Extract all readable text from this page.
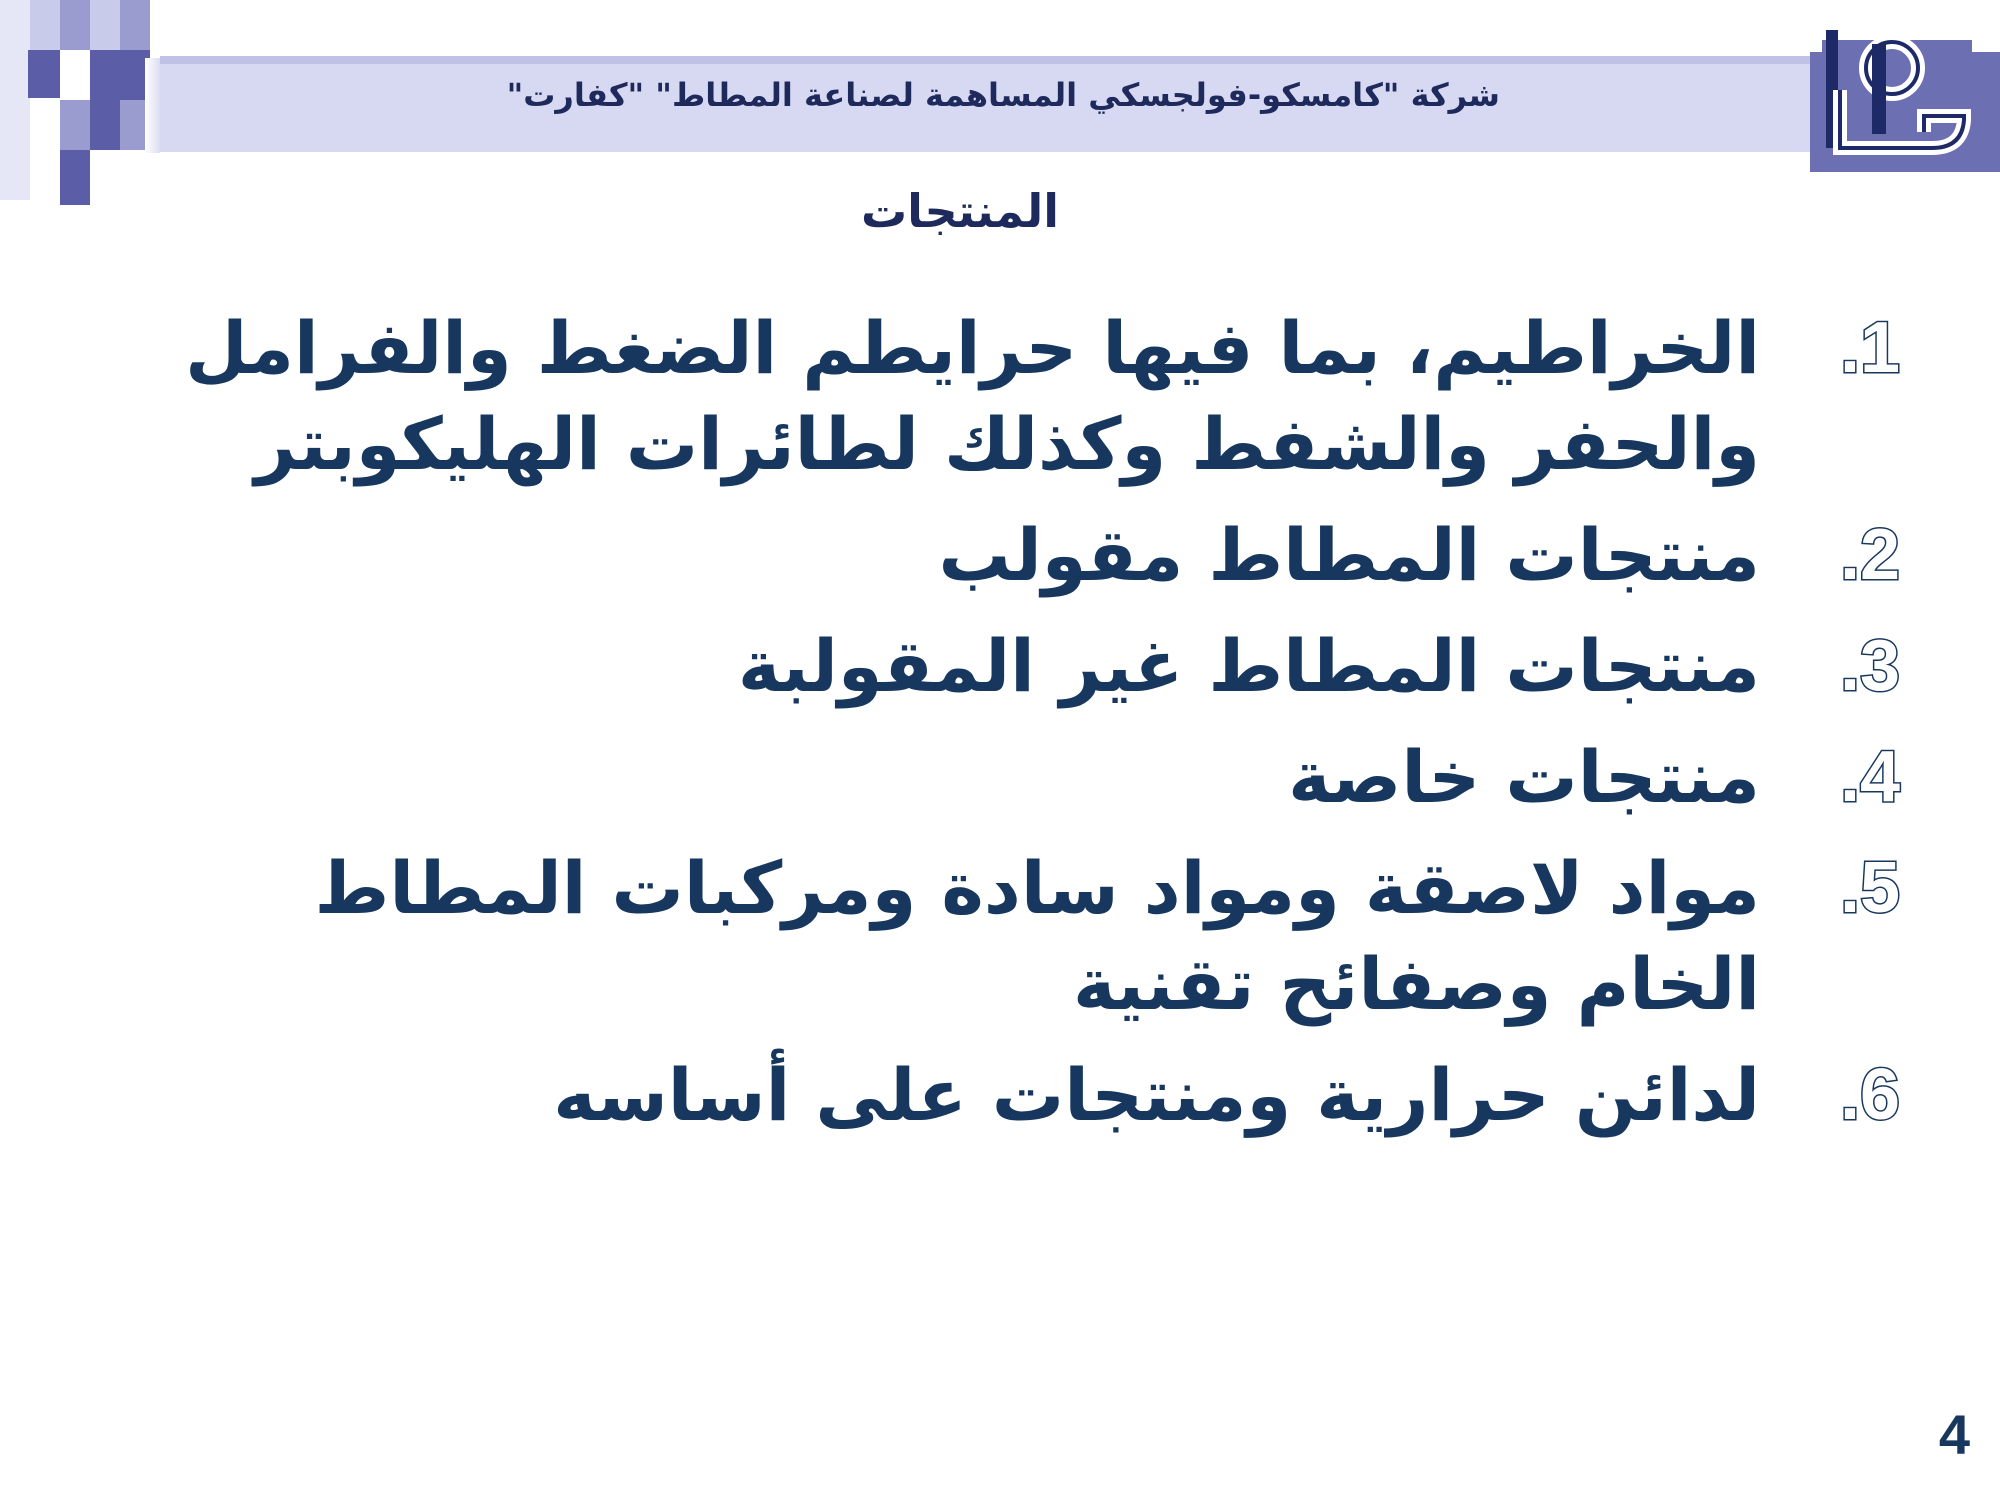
شركة "كامسكو-فولجسكي المساهمة لصناعة المطاط" "كفارت"
المنتجات
1.
الخراطيم، بما فيها حرايطم الضغط والفرامل والحفر والشفط وكذلك لطائرات الهليكوبتر
2.
منتجات المطاط مقولب
3.
منتجات المطاط غير المقولبة
4.
منتجات خاصة
5.
مواد لاصقة ومواد سادة ومركبات المطاط الخام وصفائح تقنية
6.
لدائن حرارية ومنتجات على أساسه
4
